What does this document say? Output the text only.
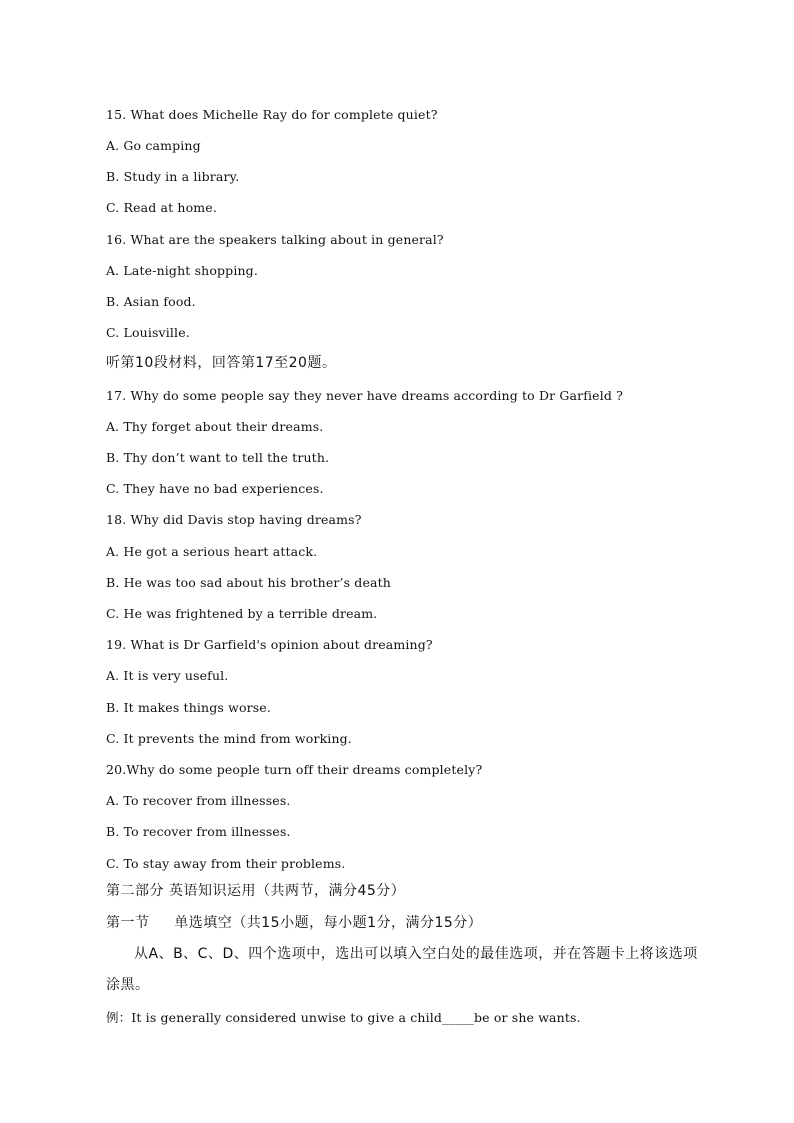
15. What does Michelle Ray do for complete quiet?
A. Go camping
B. Study in a library.
C. Read at home.
16. What are the speakers talking about in general?
A. Late-night shopping.
B. Asian food.
C. Louisville.
听第10段材料，回答第17至20题。
17. Why do some people say they never have dreams according to Dr Garfield ?
A. Thy forget about their dreams.
B. Thy don’t want to tell the truth.
C. They have no bad experiences.
18. Why did Davis stop having dreams?
A. He got a serious heart attack.
B. He was too sad about his brother’s death
C. He was frightened by a terrible dream.
19. What is Dr Garfield's opinion about dreaming?
A. It is very useful.
B. It makes things worse.
C. It prevents the mind from working.
20.Why do some people turn off their dreams completely?
A. To recover from illnesses.
B. To recover from illnesses.
C. To stay away from their problems.
第二部分 英语知识运用（共两节，满分45分）
第一节     单选填空（共15小题，每小题1分，满分15分）
从A、B、C、D、四个选项中，选出可以填入空白处的最佳选项，并在答题卡上将该选项
涂黑。
例：It is generally considered unwise to give a child_____be or she wants.
